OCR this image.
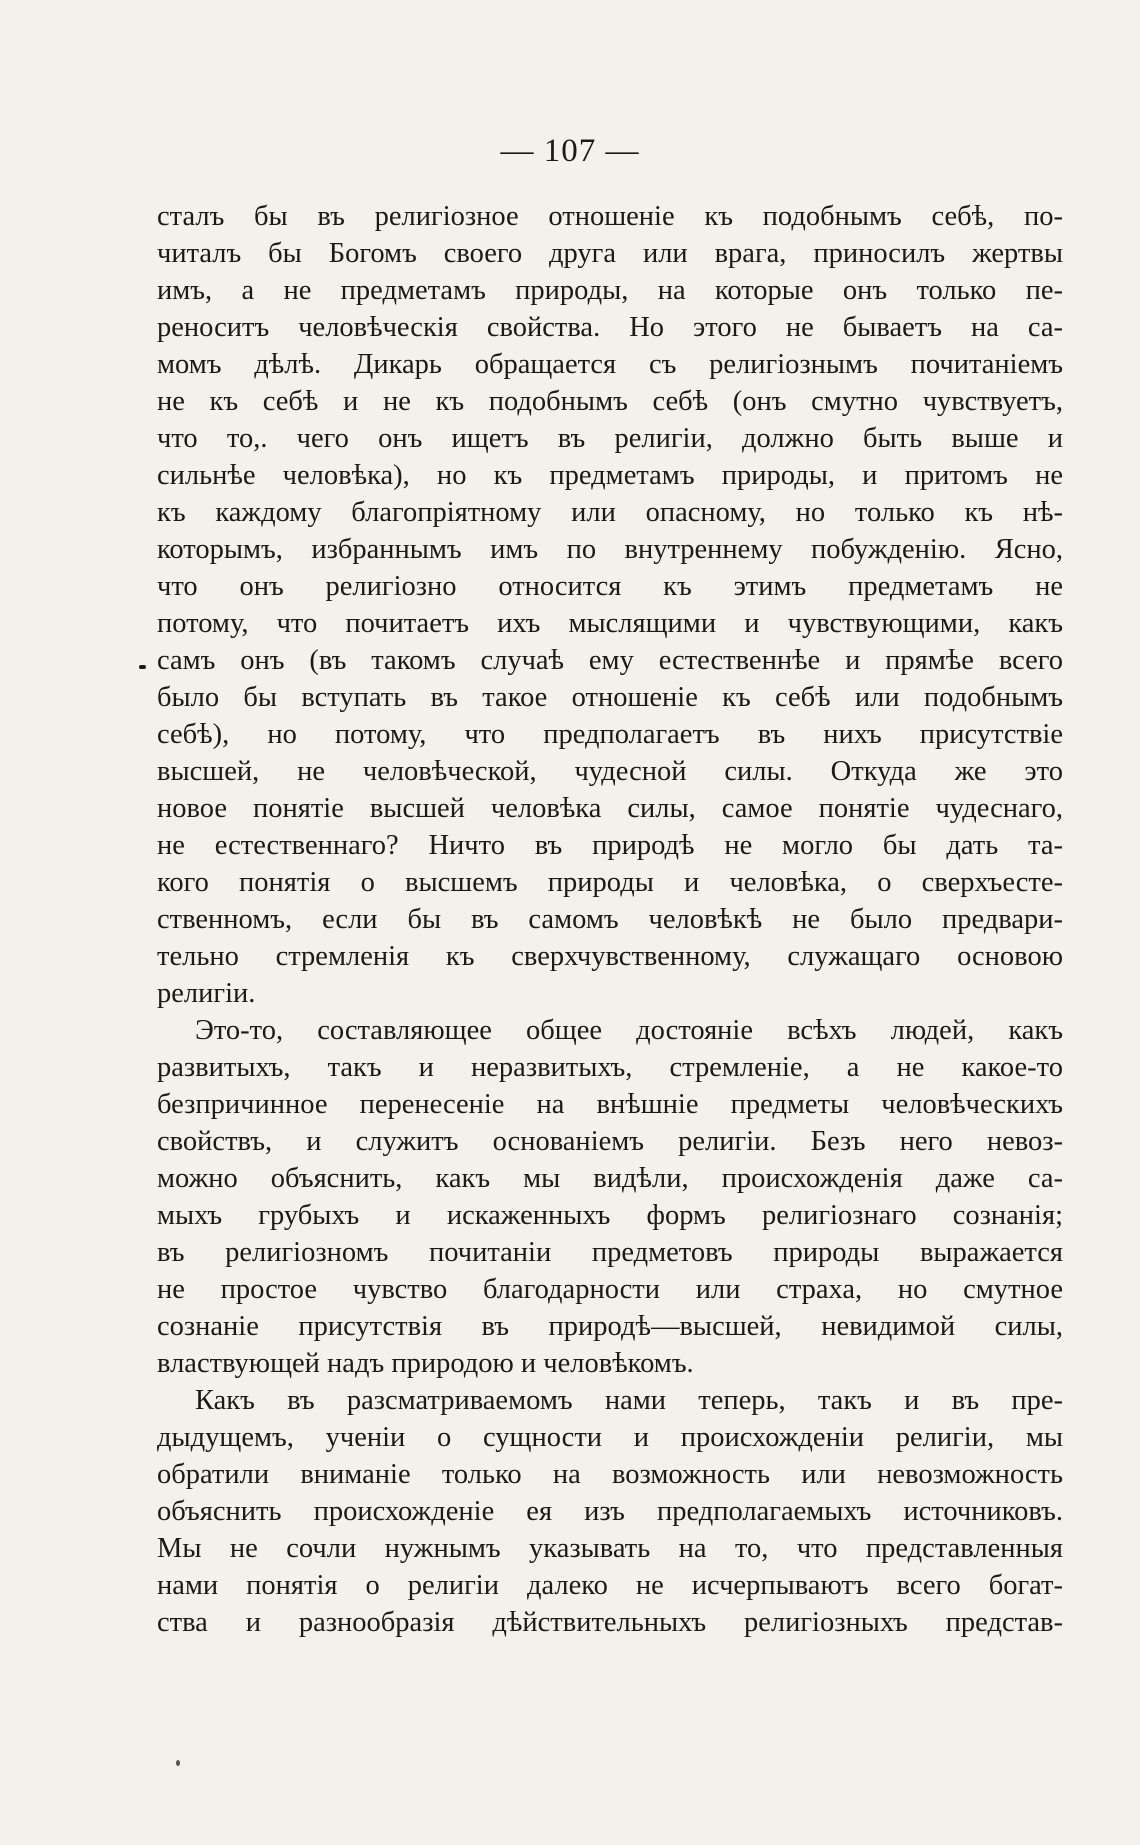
— 107 —
сталъ бы въ религіозное отношеніе къ подобнымъ себѣ, по-
читалъ бы Богомъ своего друга или врага, приносилъ жертвы
имъ, а не предметамъ природы, на которые онъ только пе-
реноситъ человѣческія свойства. Но этого не бываетъ на са-
момъ дѣлѣ. Дикарь обращается съ религіознымъ почитаніемъ
не къ себѣ и не къ подобнымъ себѣ (онъ смутно чувствуетъ,
что то,. чего онъ ищетъ въ религіи, должно быть выше и
сильнѣе человѣка), но къ предметамъ природы, и притомъ не
къ каждому благопріятному или опасному, но только къ нѣ-
которымъ, избраннымъ имъ по внутреннему побужденію. Ясно,
что онъ религіозно относится къ этимъ предметамъ не
потому, что почитаетъ ихъ мыслящими и чувствующими, какъ
самъ онъ (въ такомъ случаѣ ему естественнѣе и прямѣе всего
было бы вступать въ такое отношеніе къ себѣ или подобнымъ
себѣ), но потому, что предполагаетъ въ нихъ присутствіе
высшей, не человѣческой, чудесной силы. Откуда же это
новое понятіе высшей человѣка силы, самое понятіе чудеснаго,
не естественнаго? Ничто въ природѣ не могло бы дать та-
кого понятія о высшемъ природы и человѣка, о сверхъесте-
ственномъ, если бы въ самомъ человѣкѣ не было предвари-
тельно стремленія къ сверхчувственному, служащаго основою
религіи.
Это-то, составляющее общее достояніе всѣхъ людей, какъ
развитыхъ, такъ и неразвитыхъ, стремленіе, а не какое-то
безпричинное перенесеніе на внѣшніе предметы человѣческихъ
свойствъ, и служитъ основаніемъ религіи. Безъ него невоз-
можно объяснить, какъ мы видѣли, происхожденія даже са-
мыхъ грубыхъ и искаженныхъ формъ религіознаго сознанія;
въ религіозномъ почитаніи предметовъ природы выражается
не простое чувство благодарности или страха, но смутное
сознаніе присутствія въ природѣ—высшей, невидимой силы,
властвующей надъ природою и человѣкомъ.
Какъ въ разсматриваемомъ нами теперь, такъ и въ пре-
дыдущемъ, ученіи о сущности и происхожденіи религіи, мы
обратили вниманіе только на возможность или невозможность
объяснить происхожденіе ея изъ предполагаемыхъ источниковъ.
Мы не сочли нужнымъ указывать на то, что представленныя
нами понятія о религіи далеко не исчерпываютъ всего богат-
ства и разнообразія дѣйствительныхъ религіозныхъ представ-
